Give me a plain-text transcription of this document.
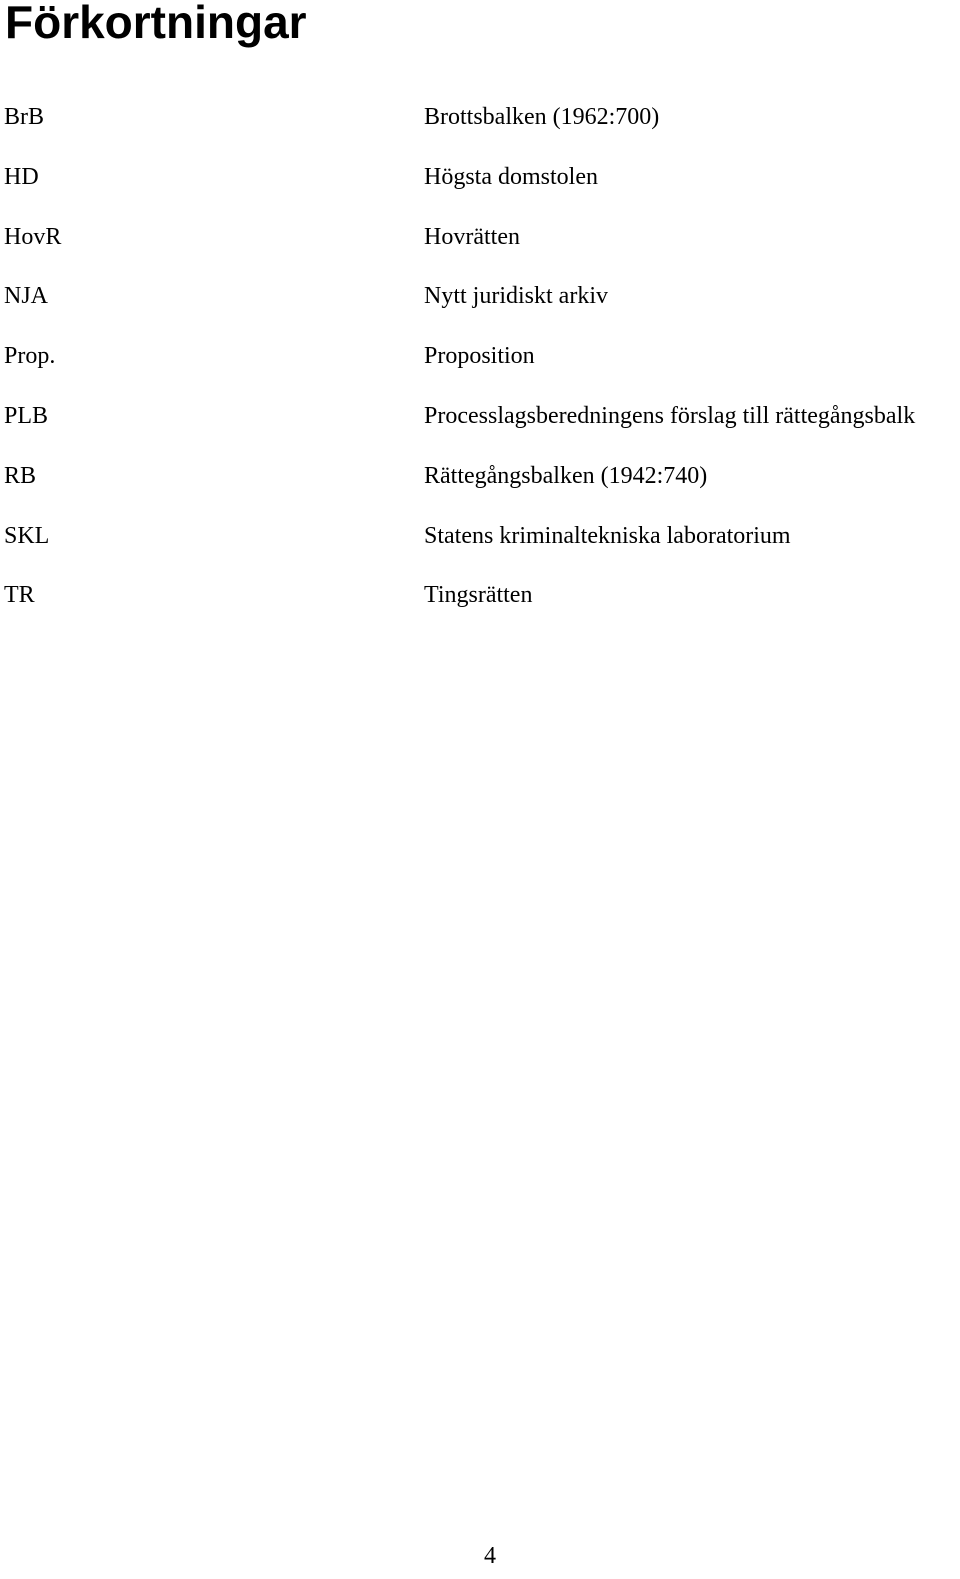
Förkortningar
BrB	Brottsbalken (1962:700)
HD	Högsta domstolen
HovR	Hovrätten
NJA	Nytt juridiskt arkiv
Prop.	Proposition
PLB	Processlagsberedningens förslag till rättegångsbalk
RB	Rättegångsbalken (1942:740)
SKL	Statens kriminaltekniska laboratorium
TR	Tingsrätten
4
